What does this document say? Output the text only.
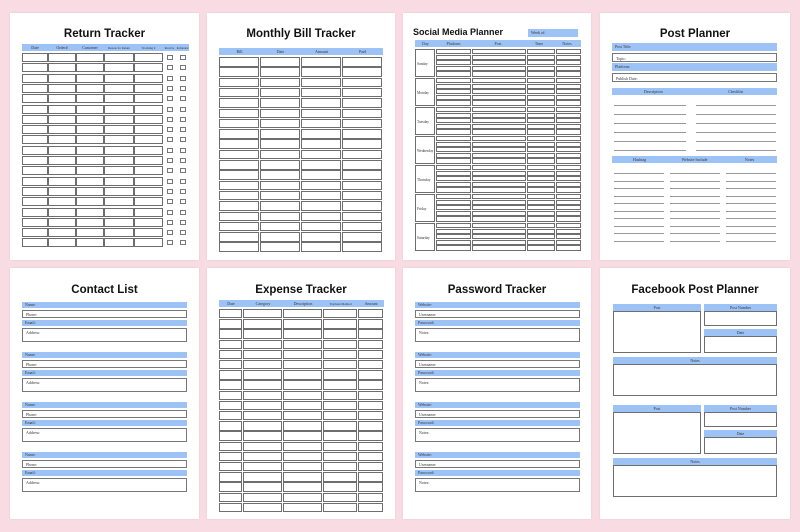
Return Tracker
Date	Order#	Customer	Reason for Return	Tracking #	Receive Refunded
Monthly Bill Tracker
Bill	Date	Amount	Paid
Social Media Planner	Week of:
Day	Platform	Post	Time	Notes
Sunday
Monday
Tuesday
Wednesday
Thursday
Friday
Saturday
Post Planner
Post Title:
Topic:
Platform:
Publish Date:
Description	Checklist
Hashtag	Website Include	Notes
Contact List
Name:
Phone:
Email:
Address:
Name:
Phone:
Email:
Address:
Name:
Phone:
Email:
Address:
Name:
Phone:
Email:
Address:
Expense Tracker
Date	Category	Description	Payment Method	Amount
Password Tracker
Website:
Username:
Password:
Notes:
Website:
Username:
Password:
Notes:
Website:
Username:
Password:
Notes:
Website:
Username:
Password:
Notes:
Facebook Post Planner
Post	Post Number
Date
Notes
Post	Post Number
Date
Notes
